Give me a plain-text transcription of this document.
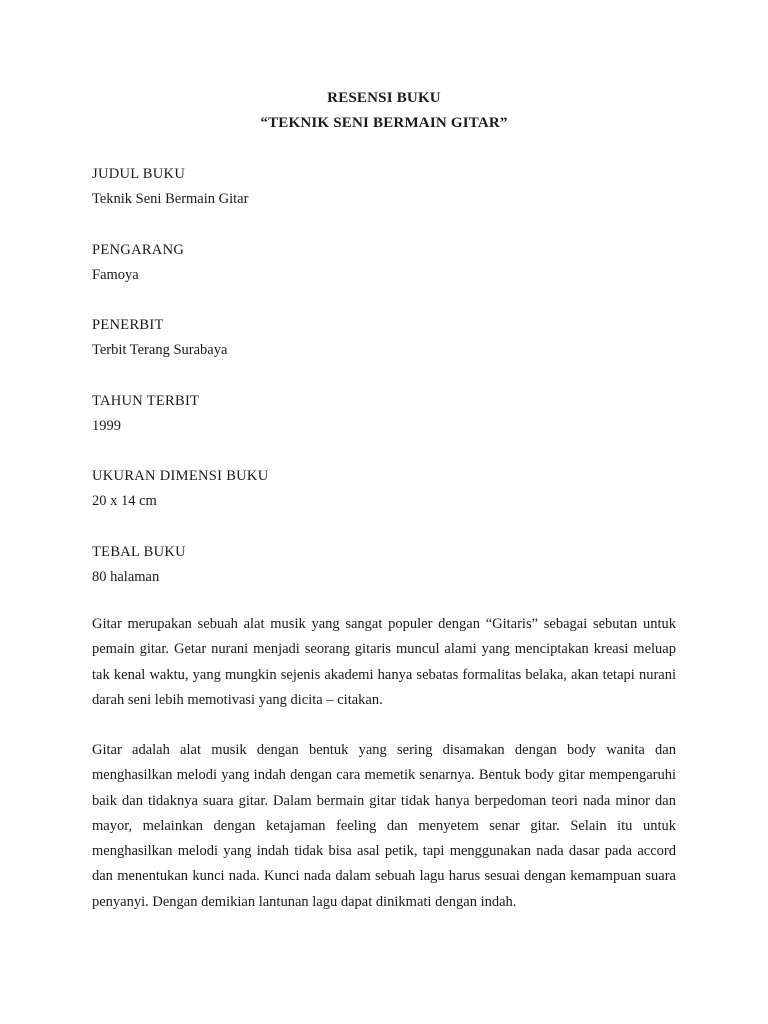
RESENSI BUKU
“TEKNIK SENI BERMAIN GITAR”
JUDUL BUKU
Teknik Seni Bermain Gitar
PENGARANG
Famoya
PENERBIT
Terbit Terang Surabaya
TAHUN TERBIT
1999
UKURAN DIMENSI BUKU
20 x 14 cm
TEBAL BUKU
80 halaman

Gitar merupakan sebuah alat musik yang sangat populer dengan “Gitaris” sebagai sebutan untuk pemain gitar. Getar nurani menjadi seorang gitaris muncul alami yang menciptakan kreasi meluap tak kenal waktu, yang mungkin sejenis akademi hanya sebatas formalitas belaka, akan tetapi nurani darah seni lebih memotivasi yang dicita – citakan.

Gitar adalah alat musik dengan bentuk yang sering disamakan dengan body wanita dan menghasilkan melodi yang indah dengan cara memetik senarnya. Bentuk body gitar mempengaruhi baik dan tidaknya suara gitar. Dalam bermain gitar tidak hanya berpedoman teori nada minor dan mayor, melainkan dengan ketajaman feeling dan menyetem senar gitar. Selain itu untuk menghasilkan melodi yang indah tidak bisa asal petik, tapi menggunakan nada dasar pada accord dan menentukan kunci nada. Kunci nada dalam sebuah lagu harus sesuai dengan kemampuan suara penyanyi. Dengan demikian lantunan lagu dapat dinikmati dengan indah.
